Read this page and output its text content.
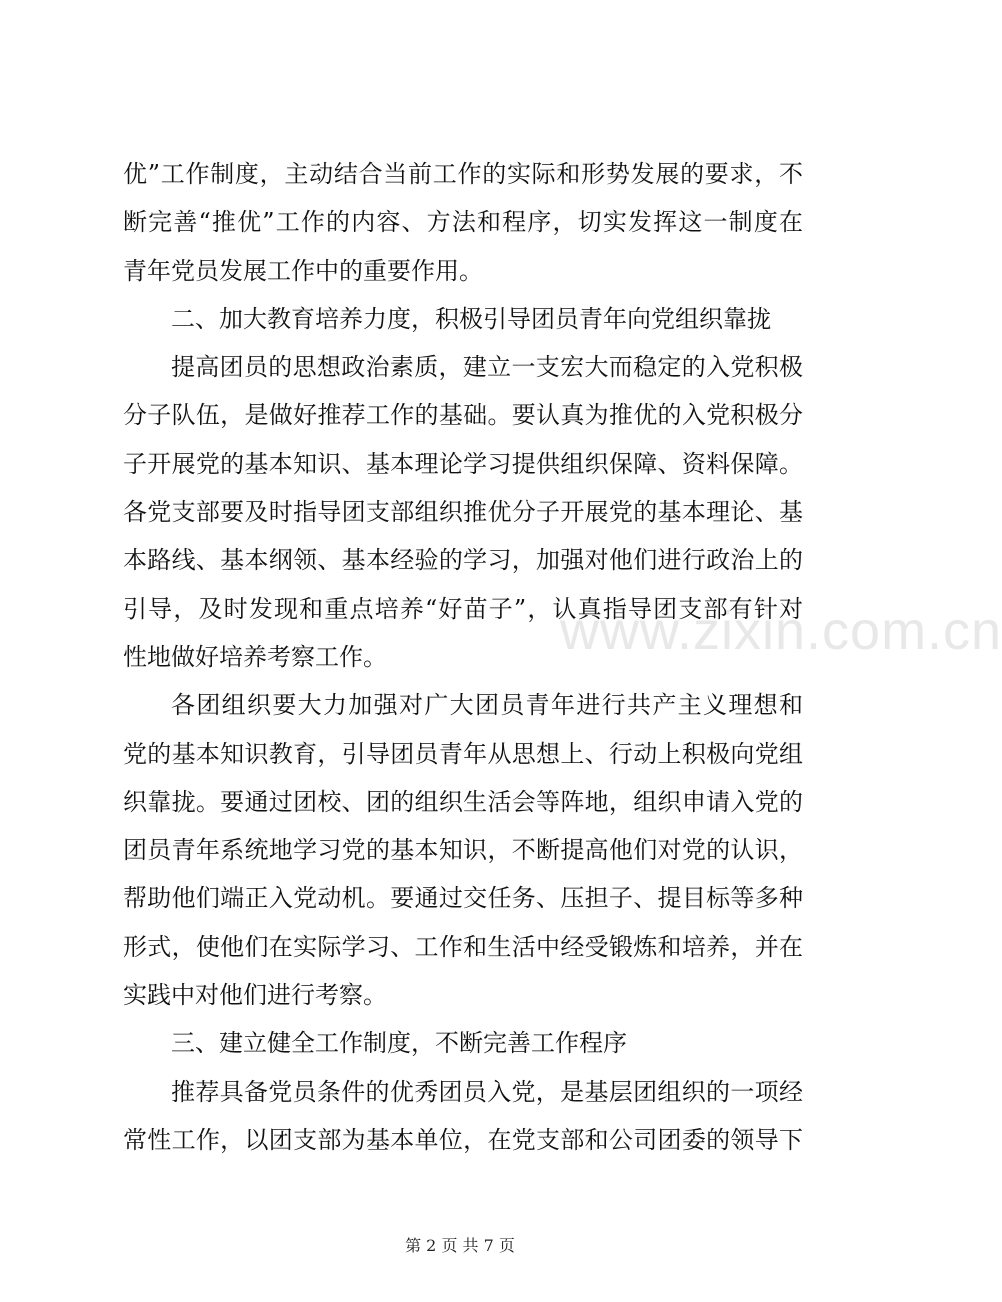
www.zixin.com.cn
优”工作制度，主动结合当前工作的实际和形势发展的要求，不
断完善“推优”工作的内容、方法和程序，切实发挥这一制度在
青年党员发展工作中的重要作用。
二、加大教育培养力度，积极引导团员青年向党组织靠拢
提高团员的思想政治素质，建立一支宏大而稳定的入党积极
分子队伍，是做好推荐工作的基础。要认真为推优的入党积极分
子开展党的基本知识、基本理论学习提供组织保障、资料保障。
各党支部要及时指导团支部组织推优分子开展党的基本理论、基
本路线、基本纲领、基本经验的学习，加强对他们进行政治上的
引导，及时发现和重点培养“好苗子”，认真指导团支部有针对
性地做好培养考察工作。
各团组织要大力加强对广大团员青年进行共产主义理想和
党的基本知识教育，引导团员青年从思想上、行动上积极向党组
织靠拢。要通过团校、团的组织生活会等阵地，组织申请入党的
团员青年系统地学习党的基本知识，不断提高他们对党的认识，
帮助他们端正入党动机。要通过交任务、压担子、提目标等多种
形式，使他们在实际学习、工作和生活中经受锻炼和培养，并在
实践中对他们进行考察。
三、建立健全工作制度，不断完善工作程序
推荐具备党员条件的优秀团员入党，是基层团组织的一项经
常性工作，以团支部为基本单位，在党支部和公司团委的领导下
第 2 页 共 7 页
